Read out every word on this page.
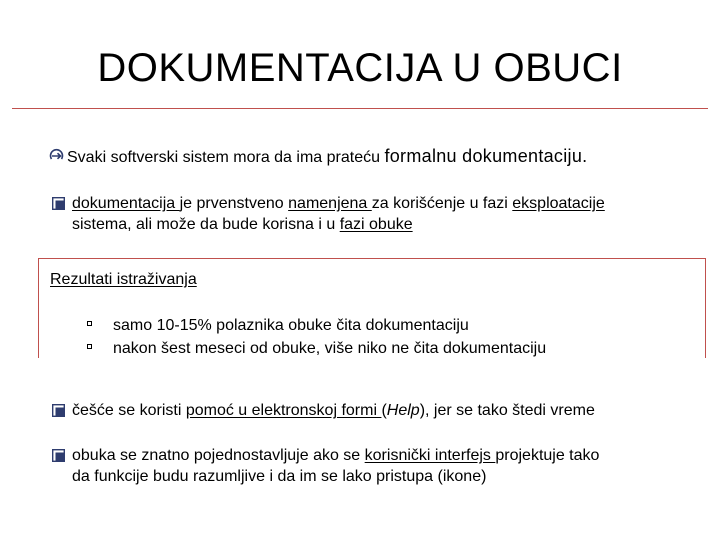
DOKUMENTACIJA U OBUCI
Svaki softverski sistem mora da ima prateću formalnu dokumentaciju.
dokumentacija je prvenstveno namenjena za korišćenje u fazi eksploatacije
sistema, ali može da bude korisna i u fazi obuke
Rezultati istraživanja
samo 10-15% polaznika obuke čita dokumentaciju
nakon šest meseci od obuke, više niko ne čita dokumentaciju
češće se koristi pomoć u elektronskoj formi (Help), jer se tako štedi vreme
obuka se znatno pojednostavljuje ako se korisnički interfejs projektuje tako
da funkcije budu razumljive i da im se lako pristupa (ikone)
